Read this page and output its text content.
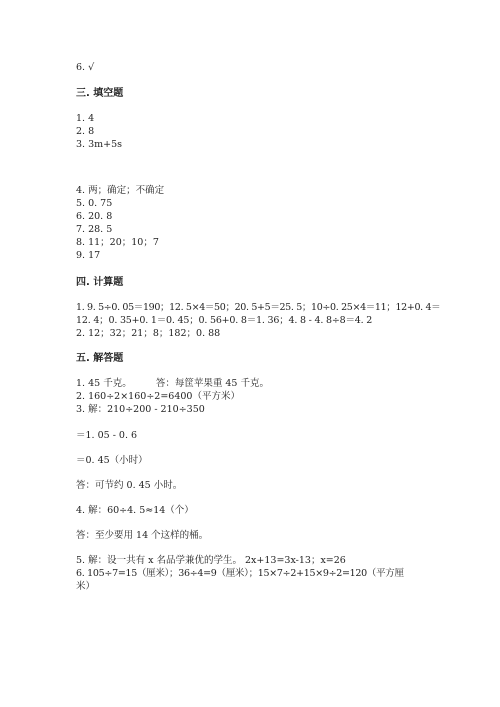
6. √
三. 填空题
1. 4
2. 8
3. 3m+5s
4. 两；确定；不确定
5. 0. 75
6. 20. 8
7. 28. 5
8. 11；20；10；7
9. 17
四. 计算题
1. 9. 5÷0. 05＝190；12. 5×4＝50；20. 5+5＝25. 5；10÷0. 25×4＝11；12+0. 4＝
12. 4；0. 35+0. 1＝0. 45；0. 56+0. 8＝1. 36；4. 8 - 4. 8÷8＝4. 2
2. 12；32；21；8；182；0. 88
五. 解答题
1. 45 千克。        答：每筐苹果重 45 千克。
2. 160÷2×160÷2=6400（平方米）
3. 解：210÷200 - 210÷350
＝1. 05 - 0. 6
＝0. 45（小时）
答：可节约 0. 45 小时。
4. 解：60÷4. 5≈14（个）
答：至少要用 14 个这样的桶。
5. 解：设一共有 x 名品学兼优的学生。 2x+13=3x-13；x=26
6. 105÷7=15（厘米）；36÷4=9（厘米）；15×7÷2+15×9÷2=120（平方厘
米）
